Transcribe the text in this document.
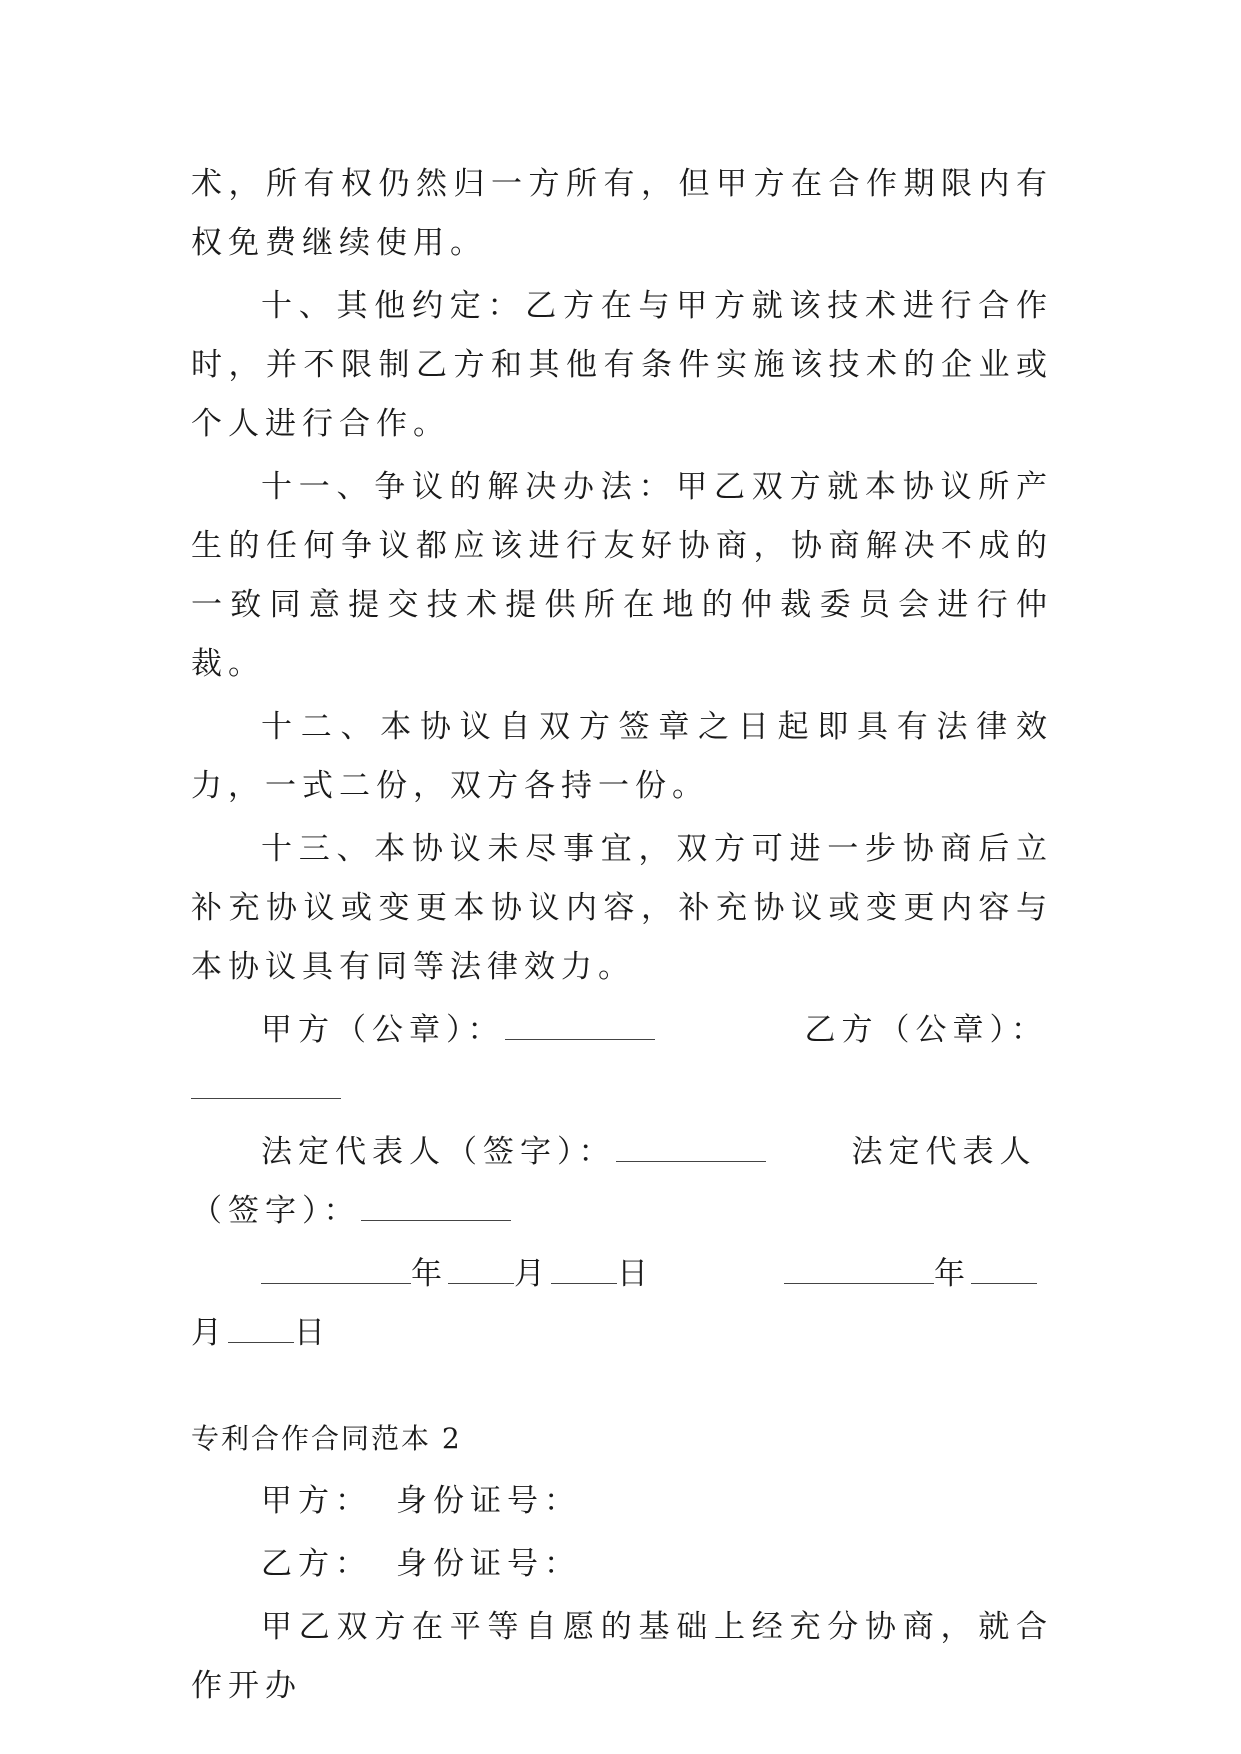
术，所有权仍然归一方所有，但甲方在合作期限内有权免费继续使用。

十、其他约定：乙方在与甲方就该技术进行合作时，并不限制乙方和其他有条件实施该技术的企业或个人进行合作。

十一、争议的解决办法：甲乙双方就本协议所产生的任何争议都应该进行友好协商，协商解决不成的一致同意提交技术提供所在地的仲裁委员会进行仲裁。

十二、本协议自双方签章之日起即具有法律效力，一式二份，双方各持一份。

十三、本协议未尽事宜，双方可进一步协商后立补充协议或变更本协议内容，补充协议或变更内容与本协议具有同等法律效力。

甲方（公章）：	乙方（公章）：

法定代表人（签字）：	法定代表人（签字）：

年 月 日	年月 日

专利合作合同范本 2

甲方： 身份证号：

乙方： 身份证号：

甲乙双方在平等自愿的基础上经充分协商，就合作开办
